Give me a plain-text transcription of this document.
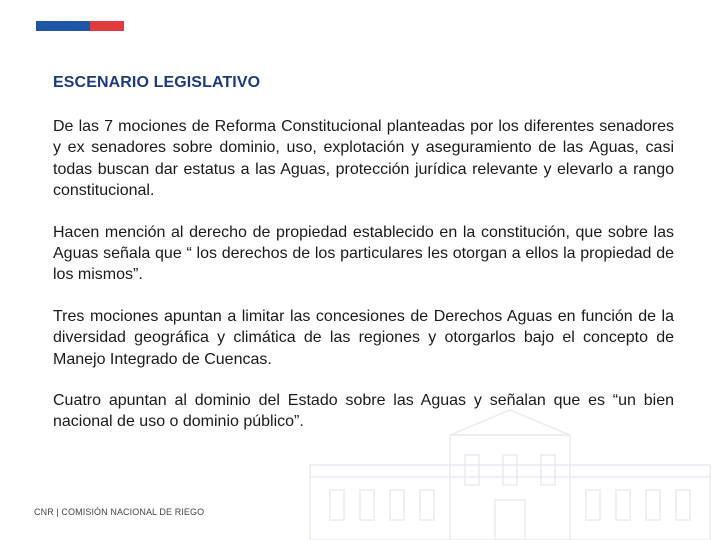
ESCENARIO LEGISLATIVO

De las 7 mociones de Reforma Constitucional planteadas por los diferentes senadores y ex senadores sobre dominio, uso, explotación y aseguramiento de las Aguas, casi todas buscan dar estatus a las Aguas, protección jurídica relevante y elevarlo a rango constitucional.

Hacen mención al derecho de propiedad establecido en la constitución, que sobre las Aguas señala que “ los derechos de los particulares les otorgan a ellos la propiedad de los mismos”.

Tres mociones apuntan a limitar las concesiones de Derechos Aguas en función de la diversidad geográfica y climática de las regiones y otorgarlos bajo el concepto de Manejo Integrado de Cuencas.

Cuatro apuntan al dominio del Estado sobre las Aguas y señalan que es “un bien nacional de uso o dominio público”.

CNR | COMISIÓN NACIONAL DE RIEGO
